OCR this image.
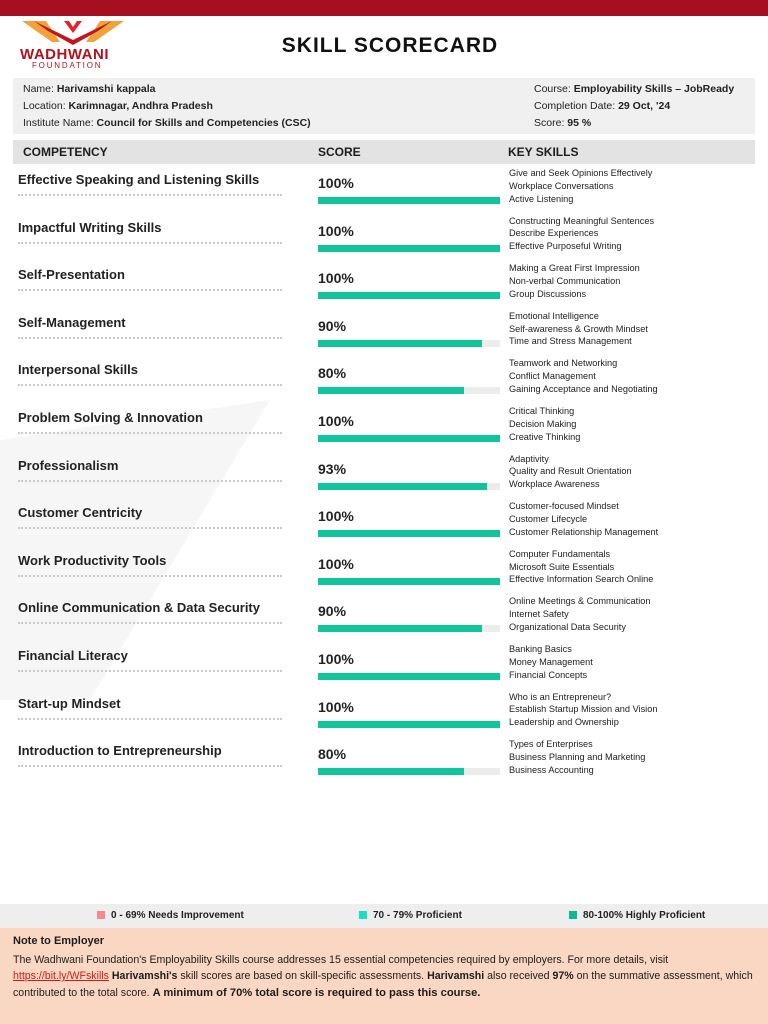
WADHWANI
FOUNDATION
SKILL SCORECARD
Name: Harivamshi kappala
Location: Karimnagar, Andhra Pradesh
Institute Name: Council for Skills and Competencies (CSC)
Course: Employability Skills – JobReady
Completion Date: 29 Oct, '24
Score: 95 %
COMPETENCY	SCORE	KEY SKILLS
Effective Speaking and Listening Skills	100%
Give and Seek Opinions Effectively
Workplace Conversations
Active Listening
Impactful Writing Skills	100%
Constructing Meaningful Sentences
Describe Experiences
Effective Purposeful Writing
Self-Presentation	100%
Making a Great First Impression
Non-verbal Communication
Group Discussions
Self-Management	90%
Emotional Intelligence
Self-awareness & Growth Mindset
Time and Stress Management
Interpersonal Skills	80%
Teamwork and Networking
Conflict Management
Gaining Acceptance and Negotiating
Problem Solving & Innovation	100%
Critical Thinking
Decision Making
Creative Thinking
Professionalism	93%
Adaptivity
Quality and Result Orientation
Workplace Awareness
Customer Centricity	100%
Customer-focused Mindset
Customer Lifecycle
Customer Relationship Management
Work Productivity Tools	100%
Computer Fundamentals
Microsoft Suite Essentials
Effective Information Search Online
Online Communication & Data Security	90%
Online Meetings & Communication
Internet Safety
Organizational Data Security
Financial Literacy	100%
Banking Basics
Money Management
Financial Concepts
Start-up Mindset	100%
Who is an Entrepreneur?
Establish Startup Mission and Vision
Leadership and Ownership
Introduction to Entrepreneurship	80%
Types of Enterprises
Business Planning and Marketing
Business Accounting
0 - 69% Needs Improvement	70 - 79% Proficient	80-100% Highly Proficient
Note to Employer
The Wadhwani Foundation's Employability Skills course addresses 15 essential competencies required by employers. For more details, visit https://bit.ly/WFskills Harivamshi's skill scores are based on skill-specific assessments. Harivamshi also received 97% on the summative assessment, which contributed to the total score. A minimum of 70% total score is required to pass this course.
